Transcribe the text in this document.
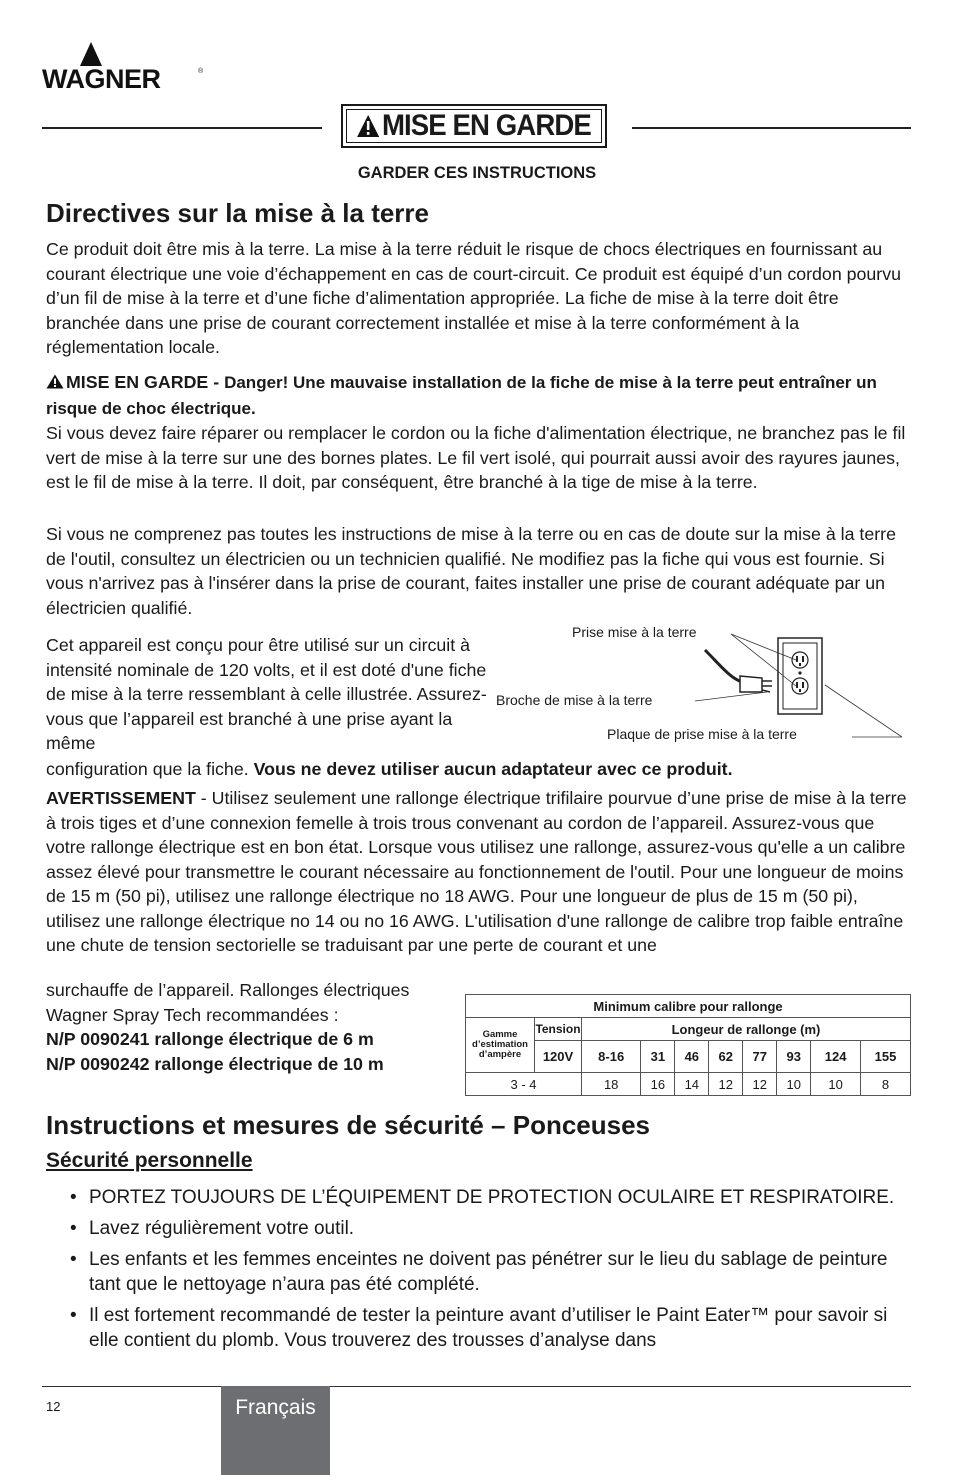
WAGNER	®
MISE EN GARDE
GARDER CES INSTRUCTIONS
Directives sur la mise à la terre

Ce produit doit être mis à la terre. La mise à la terre réduit le risque de chocs électriques en fournissant au courant électrique une voie d’échappement en cas de court-circuit. Ce produit est équipé d’un cordon pourvu d’un fil de mise à la terre et d’une fiche d’alimentation appropriée. La fiche de mise à la terre doit être branchée dans une prise de courant correctement installée et mise à la terre conformément à la réglementation locale.

MISE EN GARDE - Danger! Une mauvaise installation de la fiche de mise à la terre peut entraîner un risque de choc électrique.
Si vous devez faire réparer ou remplacer le cordon ou la fiche d'alimentation électrique, ne branchez pas le fil vert de mise à la terre sur une des bornes plates. Le fil vert isolé, qui pourrait aussi avoir des rayures jaunes, est le fil de mise à la terre. Il doit, par conséquent, être branché à la tige de mise à la terre.

Si vous ne comprenez pas toutes les instructions de mise à la terre ou en cas de doute sur la mise à la terre de l'outil, consultez un électricien ou un technicien qualifié. Ne modifiez pas la fiche qui vous est fournie. Si vous n'arrivez pas à l'insérer dans la prise de courant, faites installer une prise de courant adéquate par un électricien qualifié.

Cet appareil est conçu pour être utilisé sur un circuit à intensité nominale de 120 volts, et il est doté d'une fiche de mise à la terre ressemblant à celle illustrée. Assurez-vous que l’appareil est branché à une prise ayant la même

configuration que la fiche. Vous ne devez utiliser aucun adaptateur avec ce produit.

Prise mise à la terre
Broche de mise à la terre
Plaque de prise mise à la terre

AVERTISSEMENT - Utilisez seulement une rallonge électrique trifilaire pourvue d’une prise de mise à la terre à trois tiges et d’une connexion femelle à trois trous convenant au cordon de l’appareil. Assurez-vous que votre rallonge électrique est en bon état. Lorsque vous utilisez une rallonge, assurez-vous qu'elle a un calibre assez élevé pour transmettre le courant nécessaire au fonctionnement de l'outil. Pour une longueur de moins de 15 m (50 pi), utilisez une rallonge électrique no 18 AWG. Pour une longueur de plus de 15 m (50 pi), utilisez une rallonge électrique no 14 ou no 16 AWG. L'utilisation d'une rallonge de calibre trop faible entraîne une chute de tension sectorielle se traduisant par une perte de courant et une

surchauffe de l’appareil. Rallonges électriques Wagner Spray Tech recommandées :
N/P 0090241 rallonge électrique de 6 m
N/P 0090242 rallonge électrique de 10 m

Minimum calibre pour rallonge									
Gamme d’estimation d’ampère	Tension	Longeur de rallonge (m)							
	120V	8-16	31	46	62	77	93	124	155
3 - 4		18	16	14	12	12	10	10	8
Instructions et mesures de sécurité – Ponceuses
Sécurité personnelle
• PORTEZ TOUJOURS DE L’ÉQUIPEMENT DE PROTECTION OCULAIRE ET RESPIRATOIRE.
• Lavez régulièrement votre outil.
• Les enfants et les femmes enceintes ne doivent pas pénétrer sur le lieu du sablage de peinture tant que le nettoyage n’aura pas été complété.
• Il est fortement recommandé de tester la peinture avant d’utiliser le Paint Eater™ pour savoir si elle contient du plomb. Vous trouverez des trousses d’analyse dans
12	Français
